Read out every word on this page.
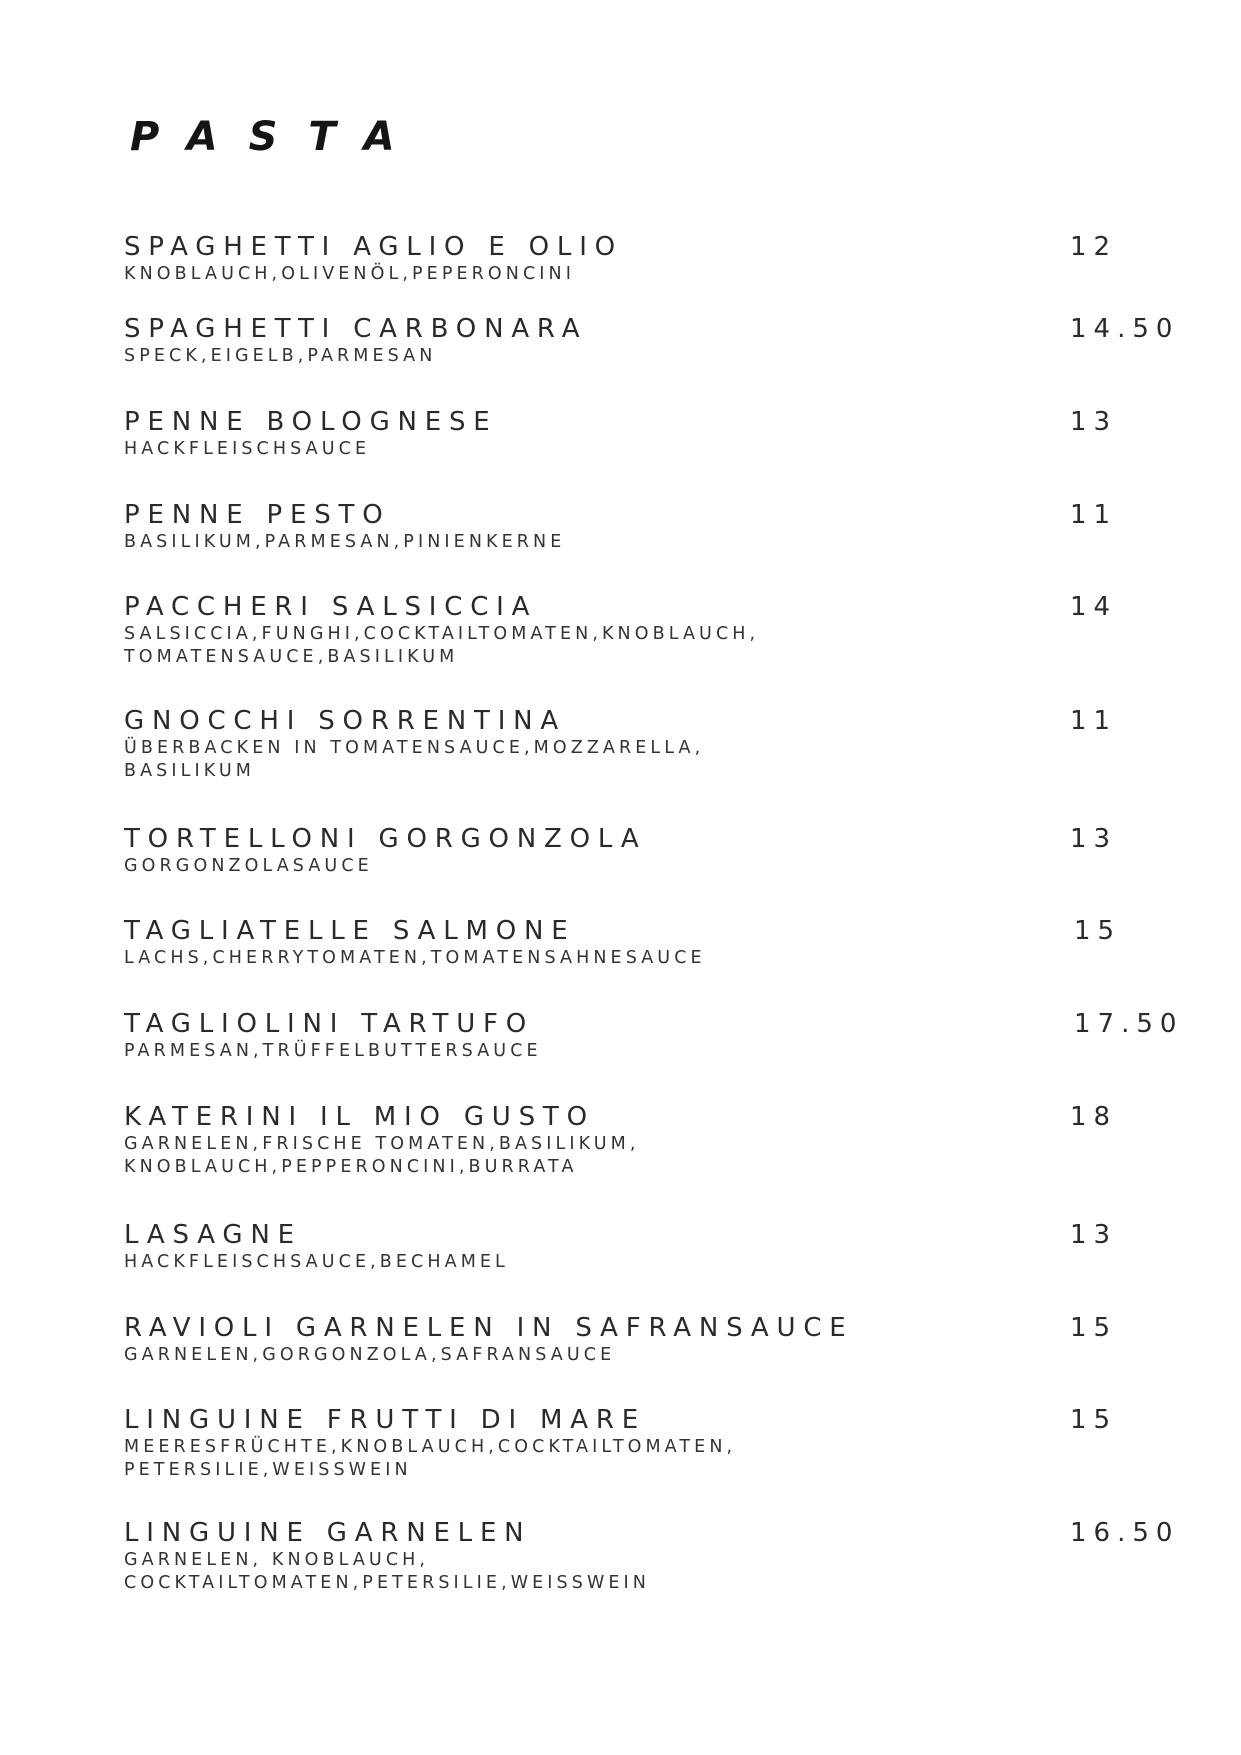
PASTA
SPAGHETTI AGLIO E OLIO
KNOBLAUCH,OLIVENÖL,PEPERONCINI
12
SPAGHETTI CARBONARA
SPECK,EIGELB,PARMESAN
14.50
PENNE BOLOGNESE
HACKFLEISCHSAUCE
13
PENNE PESTO
BASILIKUM,PARMESAN,PINIENKERNE
11
PACCHERI SALSICCIA
SALSICCIA,FUNGHI,COCKTAILTOMATEN,KNOBLAUCH,
TOMATENSAUCE,BASILIKUM
14
GNOCCHI SORRENTINA
ÜBERBACKEN IN TOMATENSAUCE,MOZZARELLA,
BASILIKUM
11
TORTELLONI GORGONZOLA
GORGONZOLASAUCE
13
TAGLIATELLE SALMONE
LACHS,CHERRYTOMATEN,TOMATENSAHNESAUCE
15
TAGLIOLINI TARTUFO
PARMESAN,TRÜFFELBUTTERSAUCE
17.50
KATERINI IL MIO GUSTO
GARNELEN,FRISCHE TOMATEN,BASILIKUM,
KNOBLAUCH,PEPPERONCINI,BURRATA
18
LASAGNE
HACKFLEISCHSAUCE,BECHAMEL
13
RAVIOLI GARNELEN IN SAFRANSAUCE
GARNELEN,GORGONZOLA,SAFRANSAUCE
15
LINGUINE FRUTTI DI MARE
MEERESFRÜCHTE,KNOBLAUCH,COCKTAILTOMATEN,
PETERSILIE,WEISSWEIN
15
LINGUINE GARNELEN
GARNELEN, KNOBLAUCH,
COCKTAILTOMATEN,PETERSILIE,WEISSWEIN
16.50
